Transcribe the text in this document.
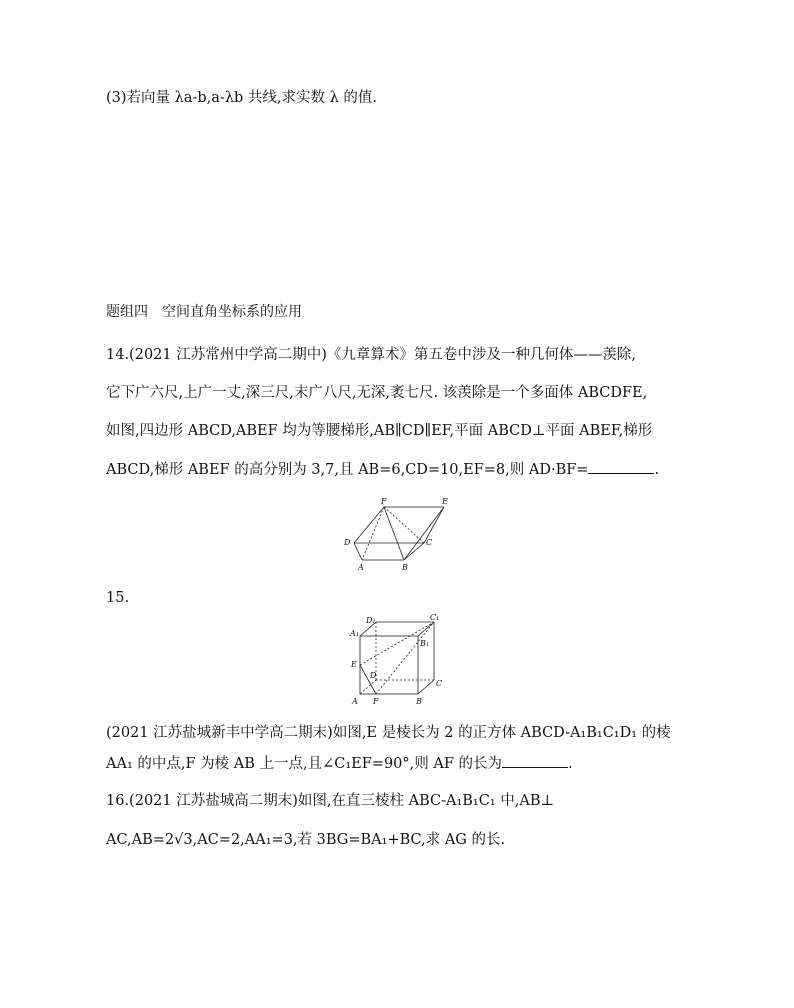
(3)若向量 λa-b,a-λb 共线,求实数 λ 的值.
题组四　空间直角坐标系的应用
14.(2021 江苏常州中学高二期中)《九章算术》第五卷中涉及一种几何体——羡除,
它下广六尺,上广一丈,深三尺,末广八尺,无深,袤七尺. 该羡除是一个多面体 ABCDFE,
如图,四边形 ABCD,ABEF 均为等腰梯形,AB∥CD∥EF,平面 ABCD⊥平面 ABEF,梯形
ABCD,梯形 ABEF 的高分别为 3,7,且 AB=6,CD=10,EF=8,则 AD·BF=	.
F	E
D	C
A	B
15.
D₁	C₁
A₁
B₁
E
D
C
A F	B
(2021 江苏盐城新丰中学高二期末)如图,E 是棱长为 2 的正方体 ABCD-A₁B₁C₁D₁ 的棱
AA₁ 的中点,F 为棱 AB 上一点,且∠C₁EF=90°,则 AF 的长为	.
16.(2021 江苏盐城高二期末)如图,在直三棱柱 ABC-A₁B₁C₁ 中,AB⊥
AC,AB=2√3,AC=2,AA₁=3,若 3BG=BA₁+BC,求 AG 的长.
